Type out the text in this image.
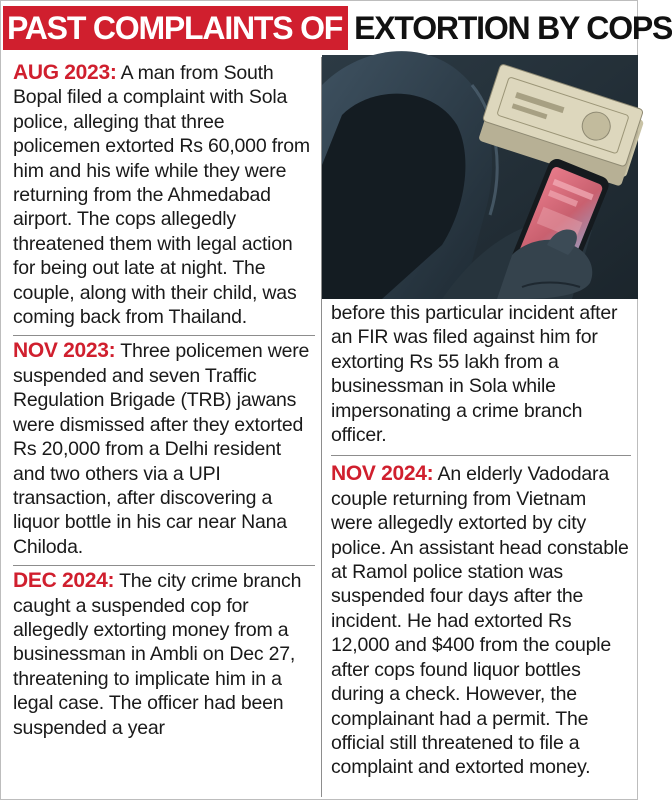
PAST COMPLAINTS OF EXTORTION BY COPS

AUG 2023: A man from South Bopal filed a complaint with Sola police, alleging that three policemen extorted Rs 60,000 from him and his wife while they were returning from the Ahmedabad airport. The cops allegedly threatened them with legal action for being out late at night. The couple, along with their child, was coming back from Thailand.

NOV 2023: Three policemen were suspended and seven Traffic Regulation Brigade (TRB) jawans were dismissed after they extorted Rs 20,000 from a Delhi resident and two others via a UPI transaction, after discovering a liquor bottle in his car near Nana Chiloda.

DEC 2024: The city crime branch caught a suspended cop for allegedly extorting money from a businessman in Ambli on Dec 27, threatening to implicate him in a legal case. The officer had been suspended a year

before this particular incident after an FIR was filed against him for extorting Rs 55 lakh from a businessman in Sola while impersonating a crime branch officer.

NOV 2024: An elderly Vadodara couple returning from Vietnam were allegedly extorted by city police. An assistant head constable at Ramol police station was suspended four days after the incident. He had extorted Rs 12,000 and $400 from the couple after cops found liquor bottles during a check. However, the complainant had a permit. The official still threatened to file a complaint and extorted money.
